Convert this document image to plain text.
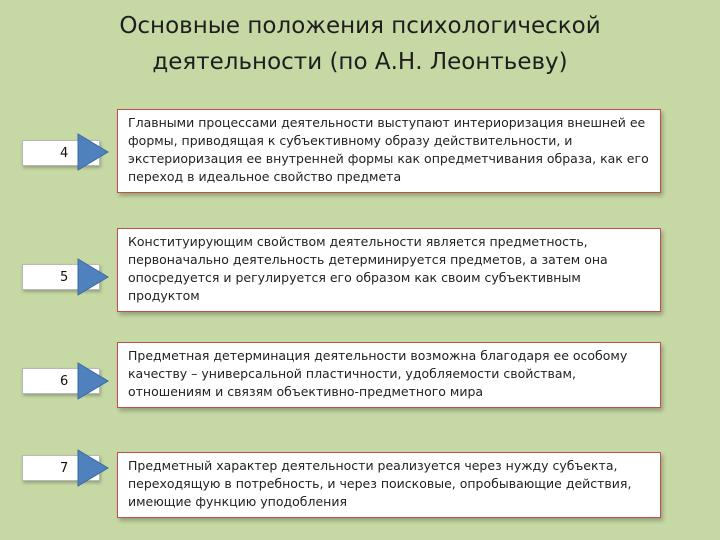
Основные положения психологической деятельности (по А.Н. Леонтьеву)
4
Главными процессами деятельности выступают интериоризация внешней ее формы, приводящая к субъективному образу действительности, и экстериоризация ее внутренней формы как опредметчивания образа, как его переход в идеальное свойство предмета
5
Конституирующим свойством деятельности является предметность, первоначально деятельность детерминируется предметов, а затем она опосредуется и регулируется его образом как своим субъективным продуктом
6
Предметная детерминация деятельности возможна благодаря ее особому качеству – универсальной пластичности, удобляемости свойствам, отношениям и связям объективно-предметного мира
7	Предметный характер деятельности реализуется через нужду субъекта, переходящую в потребность, и через поисковые, опробывающие действия, имеющие функцию уподобления
